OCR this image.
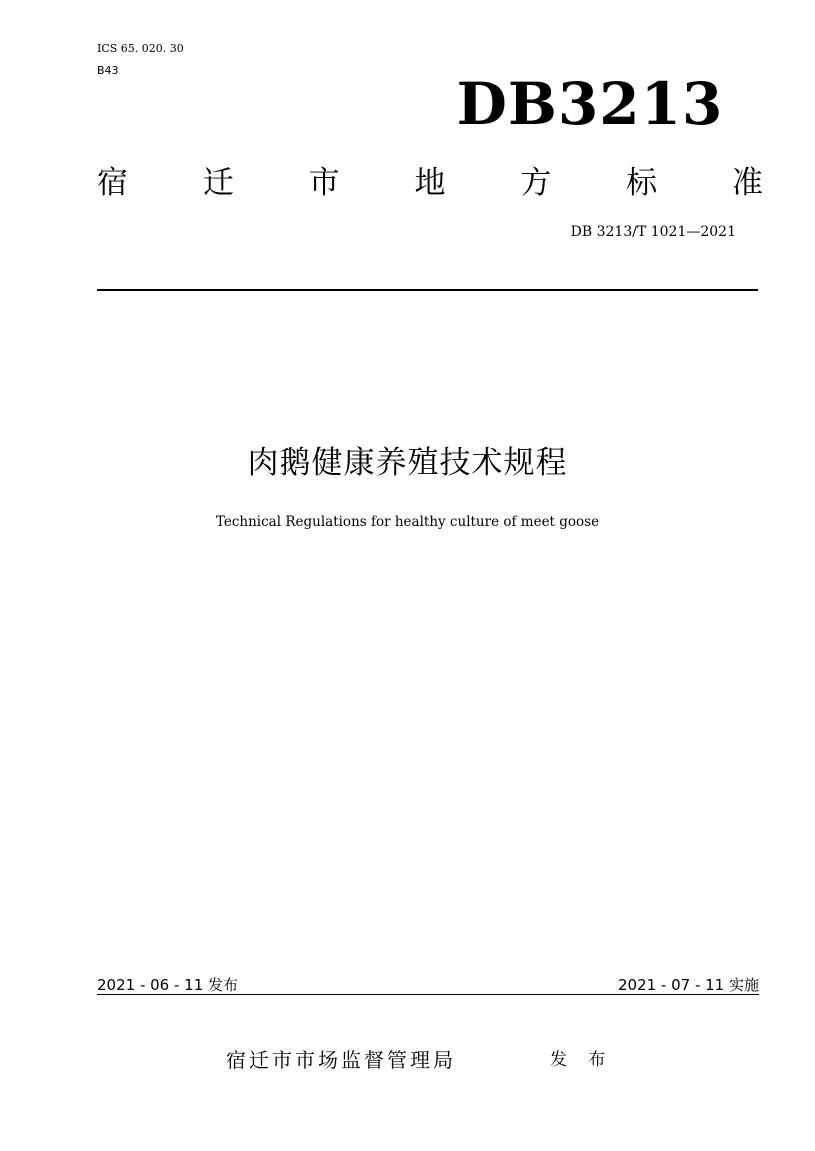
ICS 65. 020. 30
B43	DB3213
宿 迁 市 地 方 标 准
DB 3213/T 1021—2021
肉鹅健康养殖技术规程
Technical Regulations for healthy culture of meet goose
2021 - 06 - 11 发布	2021 - 07 - 11 实施
宿迁市市场监督管理局	发 布
